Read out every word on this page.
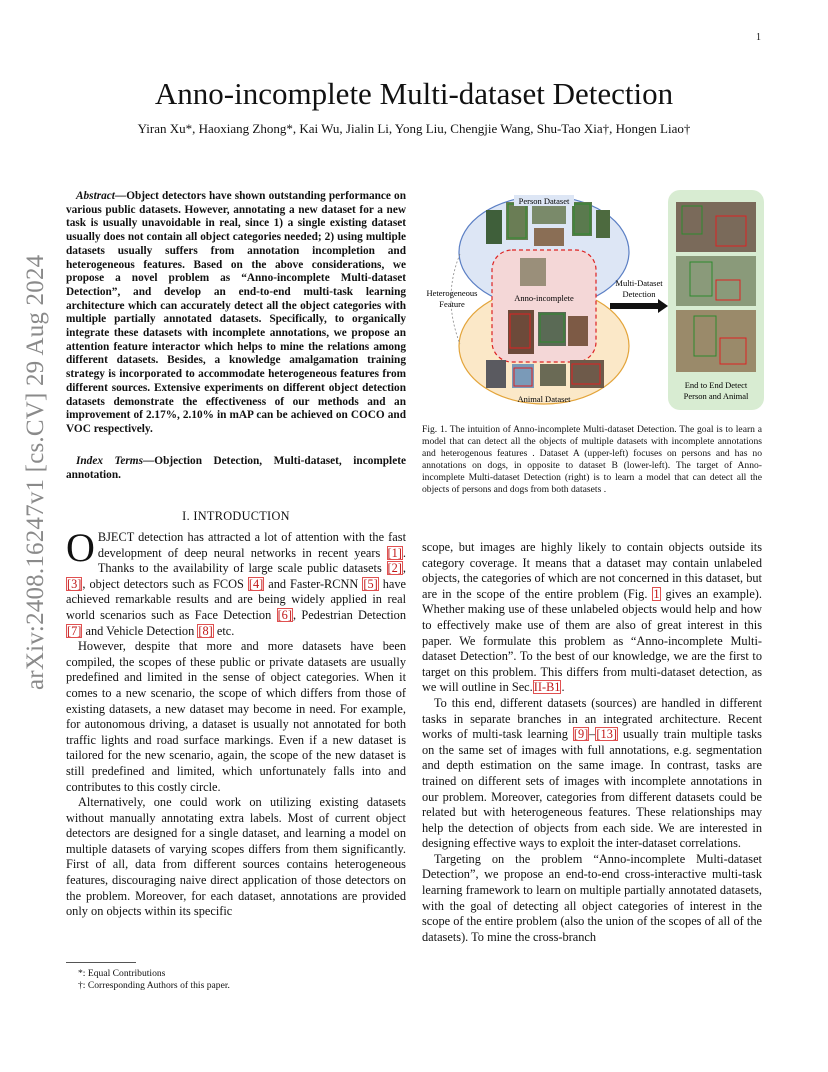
1
arXiv:2408.16247v1 [cs.CV] 29 Aug 2024
Anno-incomplete Multi-dataset Detection
Yiran Xu*, Haoxiang Zhong*, Kai Wu, Jialin Li, Yong Liu, Chengjie Wang, Shu-Tao Xia†, Hongen Liao†
Abstract—Object detectors have shown outstanding performance on various public datasets. However, annotating a new dataset for a new task is usually unavoidable in real, since 1) a single existing dataset usually does not contain all object categories needed; 2) using multiple datasets usually suffers from annotation incompletion and heterogeneous features. Based on the above considerations, we propose a novel problem as “Anno-incomplete Multi-dataset Detection”, and develop an end-to-end multi-task learning architecture which can accurately detect all the object categories with multiple partially annotated datasets. Specifically, to organically integrate these datasets with incomplete annotations, we propose an attention feature interactor which helps to mine the relations among different datasets. Besides, a knowledge amalgamation training strategy is incorporated to accommodate heterogeneous features from different sources. Extensive experiments on different object detection datasets demonstrate the effectiveness of our methods and an improvement of 2.17%, 2.10% in mAP can be achieved on COCO and VOC respectively.
Index Terms—Objection Detection, Multi-dataset, incomplete annotation.
I. INTRODUCTION

OBJECT detection has attracted a lot of attention with the fast development of deep neural networks in recent years [1]. Thanks to the availability of large scale public datasets [2], [3], object detectors such as FCOS [4] and Faster-RCNN [5] have achieved remarkable results and are being widely applied in real world scenarios such as Face Detection [6], Pedestrian Detection [7] and Vehicle Detection [8] etc.

However, despite that more and more datasets have been compiled, the scopes of these public or private datasets are usually predefined and limited in the sense of object categories. When it comes to a new scenario, the scope of which differs from those of existing datasets, a new dataset may become in need. For example, for autonomous driving, a dataset is usually not annotated for both traffic lights and road surface markings. Even if a new dataset is tailored for the new scenario, again, the scope of the new dataset is still predefined and limited, which unfortunately falls into and contributes to this costly circle.

Alternatively, one could work on utilizing existing datasets without manually annotating extra labels. Most of current object detectors are designed for a single dataset, and learning a model on multiple datasets of varying scopes differs from them significantly. First of all, data from different sources contains heterogeneous features, discouraging naive direct application of those detectors on the problem. Moreover, for each dataset, annotations are provided only on objects within its specific

*: Equal Contributions
†: Corresponding Authors of this paper.
Person Dataset
Anno-incomplete
Animal Dataset
Heterogeneous
Feature
Multi-Dataset
Detection
End to End Detect
Person and Animal
Fig. 1. The intuition of Anno-incomplete Multi-dataset Detection. The goal is to learn a model that can detect all the objects of multiple datasets with incomplete annotations and heterogenous features . Dataset A (upper-left) focuses on persons and has no annotations on dogs, in opposite to dataset B (lower-left). The target of Anno-incomplete Multi-dataset Detection (right) is to learn a model that can detect all the objects of persons and dogs from both datasets .

scope, but images are highly likely to contain objects outside its category coverage. It means that a dataset may contain unlabeled objects, the categories of which are not concerned in this dataset, but are in the scope of the entire problem (Fig. 1 gives an example). Whether making use of these unlabeled objects would help and how to effectively make use of them are also of great interest in this paper. We formulate this problem as “Anno-incomplete Multi-dataset Detection”. To the best of our knowledge, we are the first to target on this problem. This differs from multi-dataset detection, as we will outline in Sec.II-B1.

To this end, different datasets (sources) are handled in different tasks in separate branches in an integrated architecture. Recent works of multi-task learning [9]–[13] usually train multiple tasks on the same set of images with full annotations, e.g. segmentation and depth estimation on the same image. In contrast, tasks are trained on different sets of images with incomplete annotations in our problem. Moreover, categories from different datasets could be related but with heterogeneous features. These relationships may help the detection of objects from each side. We are interested in designing effective ways to exploit the inter-dataset correlations.

Targeting on the problem “Anno-incomplete Multi-dataset Detection”, we propose an end-to-end cross-interactive multi-task learning framework to learn on multiple partially annotated datasets, with the goal of detecting all object categories of interest in the scope of the entire problem (also the union of the scopes of all of the datasets). To mine the cross-branch
